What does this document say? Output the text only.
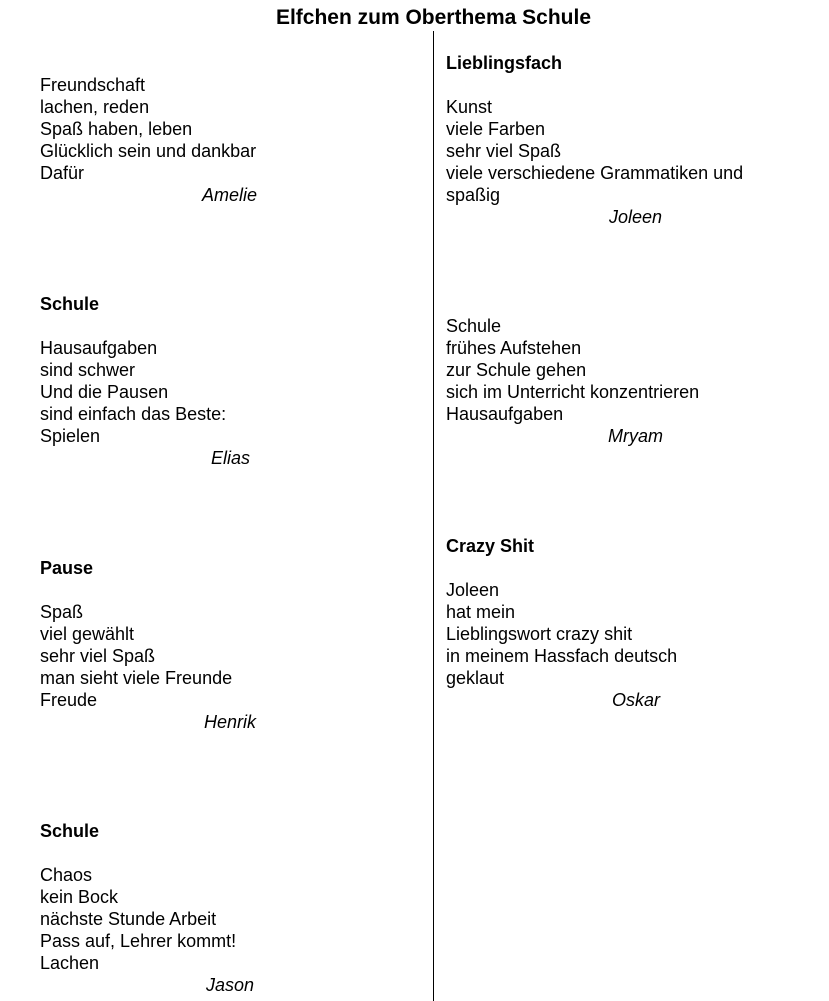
Elfchen zum Oberthema Schule
Freundschaft
lachen, reden
Spaß haben, leben
Glücklich sein und dankbar
Dafür
Amelie
Schule
Hausaufgaben
sind schwer
Und die Pausen
sind einfach das Beste:
Spielen
Elias
Pause
Spaß
viel gewählt
sehr viel Spaß
man sieht viele Freunde
Freude
Henrik
Schule
Chaos
kein Bock
nächste Stunde Arbeit
Pass auf, Lehrer kommt!
Lachen
Jason
Lieblingsfach
Kunst
viele Farben
sehr viel Spaß
viele verschiedene Grammatiken und
spaßig
Joleen
Schule
frühes Aufstehen
zur Schule gehen
sich im Unterricht konzentrieren
Hausaufgaben
Mryam
Crazy Shit
Joleen
hat mein
Lieblingswort crazy shit
in meinem Hassfach deutsch
geklaut
Oskar
